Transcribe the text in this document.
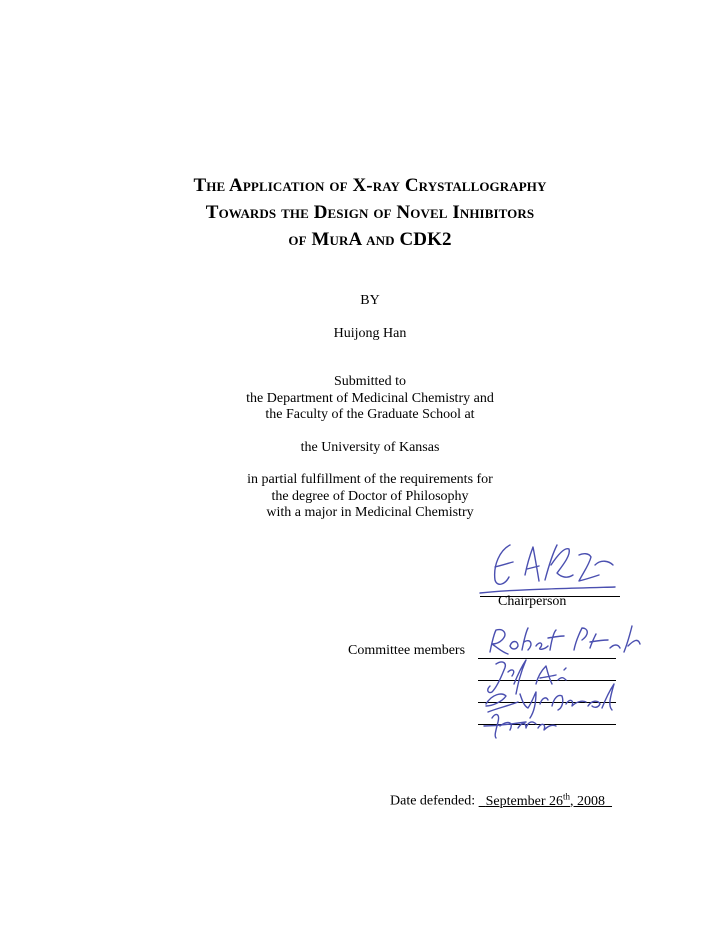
The Application of X-ray Crystallography
Towards the Design of Novel Inhibitors
of MurA and CDK2
BY
Huijong Han
Submitted to
the Department of Medicinal Chemistry and
the Faculty of the Graduate School at
the University of Kansas
in partial fulfillment of the requirements for
the degree of Doctor of Philosophy
with a major in Medicinal Chemistry
Chairperson
Committee members
Date defended: September 26th, 2008
